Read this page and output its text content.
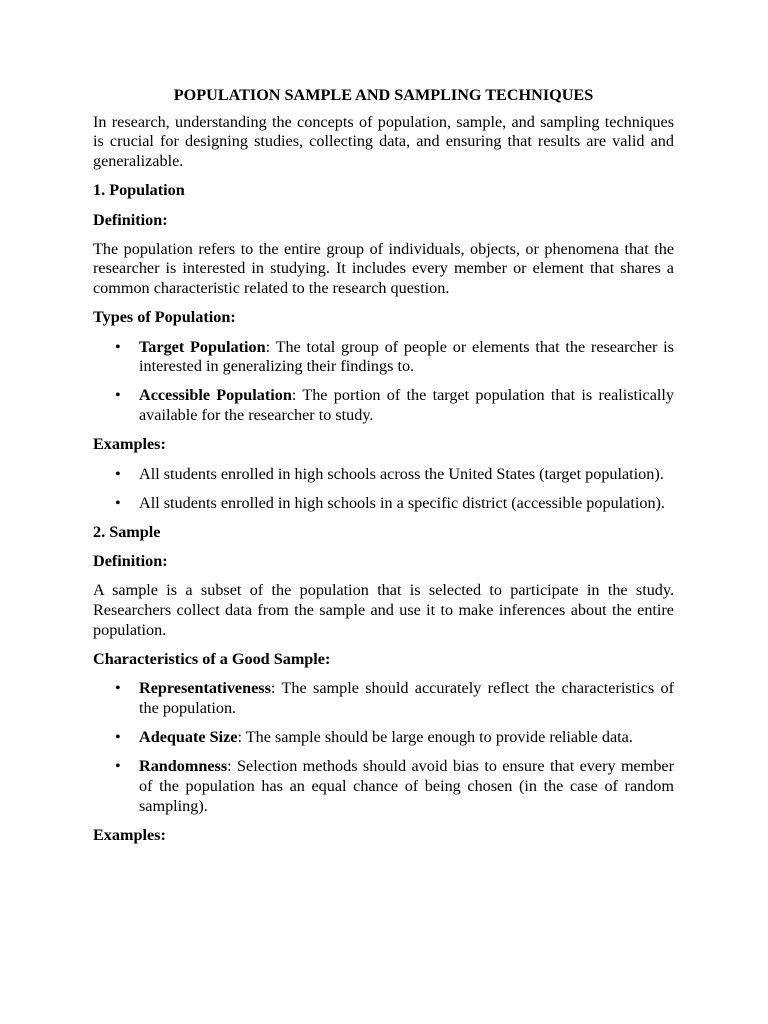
POPULATION SAMPLE AND SAMPLING TECHNIQUES

In research, understanding the concepts of population, sample, and sampling techniques is crucial for designing studies, collecting data, and ensuring that results are valid and generalizable.

1. Population
Definition:

The population refers to the entire group of individuals, objects, or phenomena that the researcher is interested in studying. It includes every member or element that shares a common characteristic related to the research question.

Types of Population:
• Target Population: The total group of people or elements that the researcher is interested in generalizing their findings to.
• Accessible Population: The portion of the target population that is realistically available for the researcher to study.
Examples:
• All students enrolled in high schools across the United States (target population).
• All students enrolled in high schools in a specific district (accessible population).
2. Sample
Definition:

A sample is a subset of the population that is selected to participate in the study. Researchers collect data from the sample and use it to make inferences about the entire population.

Characteristics of a Good Sample:
• Representativeness: The sample should accurately reflect the characteristics of the population.
• Adequate Size: The sample should be large enough to provide reliable data.
• Randomness: Selection methods should avoid bias to ensure that every member of the population has an equal chance of being chosen (in the case of random sampling).
Examples:
